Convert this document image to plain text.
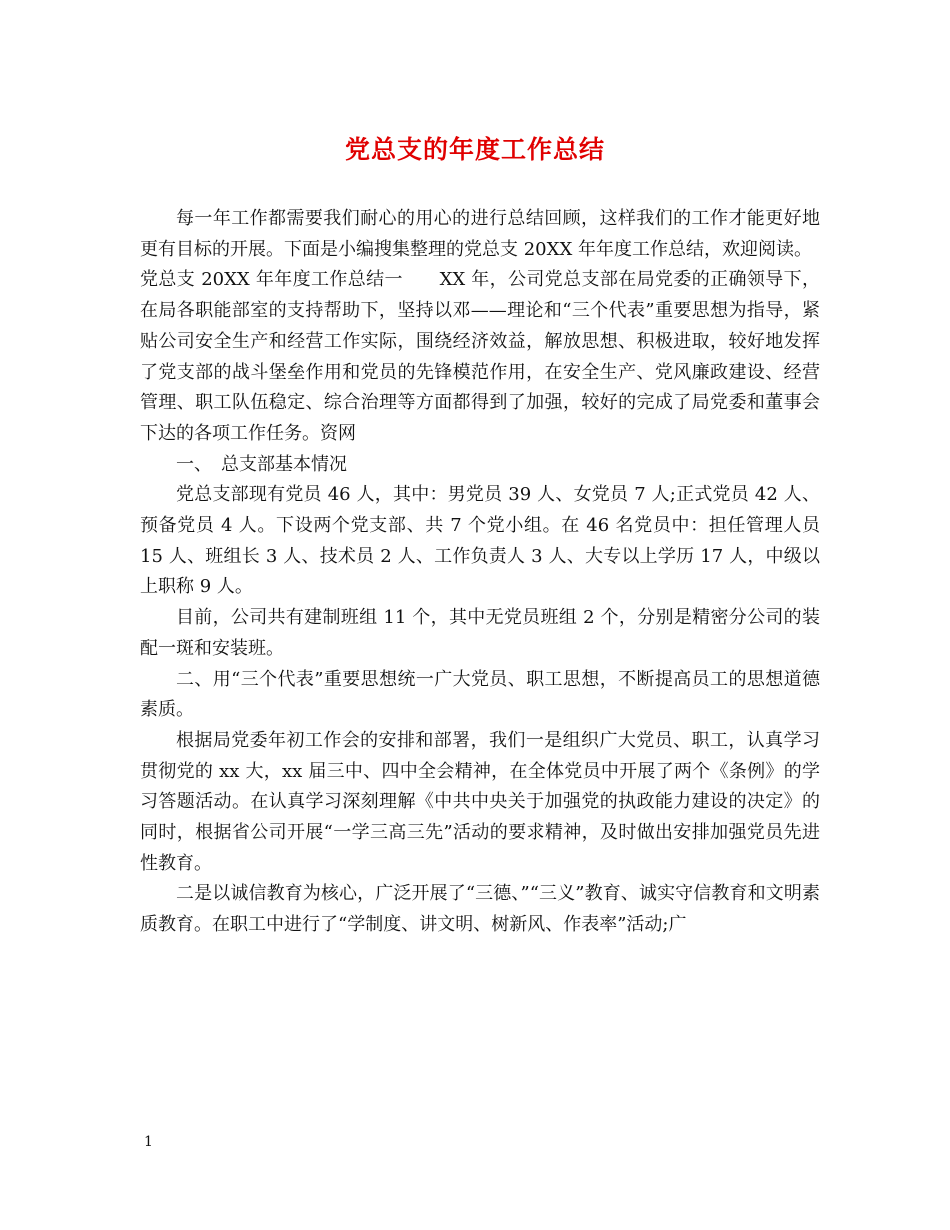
党总支的年度工作总结

每一年工作都需要我们耐心的用心的进行总结回顾，这样我们的工作才能更好地更有目标的开展。下面是小编搜集整理的党总支 20XX 年年度工作总结，欢迎阅读。

党总支 20XX 年年度工作总结一　　XX 年，公司党总支部在局党委的正确领导下，在局各职能部室的支持帮助下，坚持以邓——理论和“三个代表”重要思想为指导，紧贴公司安全生产和经营工作实际，围绕经济效益，解放思想、积极进取，较好地发挥了党支部的战斗堡垒作用和党员的先锋模范作用，在安全生产、党风廉政建设、经营管理、职工队伍稳定、综合治理等方面都得到了加强，较好的完成了局党委和董事会下达的各项工作任务。资网

一、　总支部基本情况

党总支部现有党员 46 人，其中：男党员 39 人、女党员 7 人;正式党员 42 人、预备党员 4 人。下设两个党支部、共 7 个党小组。在 46 名党员中：担任管理人员 15 人、班组长 3 人、技术员 2 人、工作负责人 3 人、大专以上学历 17 人，中级以上职称 9 人。

目前，公司共有建制班组 11 个，其中无党员班组 2 个，分别是精密分公司的装配一斑和安装班。

二、用“三个代表”重要思想统一广大党员、职工思想，不断提高员工的思想道德素质。

根据局党委年初工作会的安排和部署，我们一是组织广大党员、职工，认真学习贯彻党的 xx 大，xx 届三中、四中全会精神，在全体党员中开展了两个《条例》的学习答题活动。在认真学习深刻理解《中共中央关于加强党的执政能力建设的决定》的同时，根据省公司开展“一学三高三先”活动的要求精神，及时做出安排加强党员先进性教育。

二是以诚信教育为核心，广泛开展了“三德、”“三义”教育、诚实守信教育和文明素质教育。在职工中进行了“学制度、讲文明、树新风、作表率”活动;广

1
